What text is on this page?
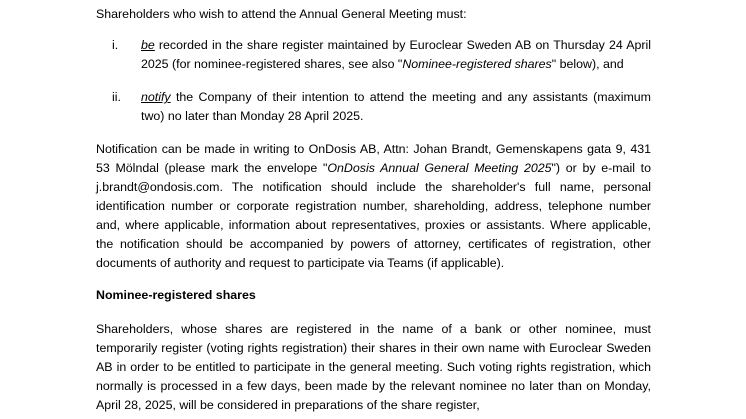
Shareholders who wish to attend the Annual General Meeting must:

i. be recorded in the share register maintained by Euroclear Sweden AB on Thursday 24 April 2025 (for nominee-registered shares, see also "Nominee-registered shares" below), and

ii. notify the Company of their intention to attend the meeting and any assistants (maximum two) no later than Monday 28 April 2025.

Notification can be made in writing to OnDosis AB, Attn: Johan Brandt, Gemenskapens gata 9, 431 53 Mölndal (please mark the envelope "OnDosis Annual General Meeting 2025") or by e-mail to j.brandt@ondosis.com. The notification should include the shareholder's full name, personal identification number or corporate registration number, shareholding, address, telephone number and, where applicable, information about representatives, proxies or assistants. Where applicable, the notification should be accompanied by powers of attorney, certificates of registration, other documents of authority and request to participate via Teams (if applicable).

Nominee-registered shares

Shareholders, whose shares are registered in the name of a bank or other nominee, must temporarily register (voting rights registration) their shares in their own name with Euroclear Sweden AB in order to be entitled to participate in the general meeting. Such voting rights registration, which normally is processed in a few days, been made by the relevant nominee no later than on Monday, April 28, 2025, will be considered in preparations of the share register,
